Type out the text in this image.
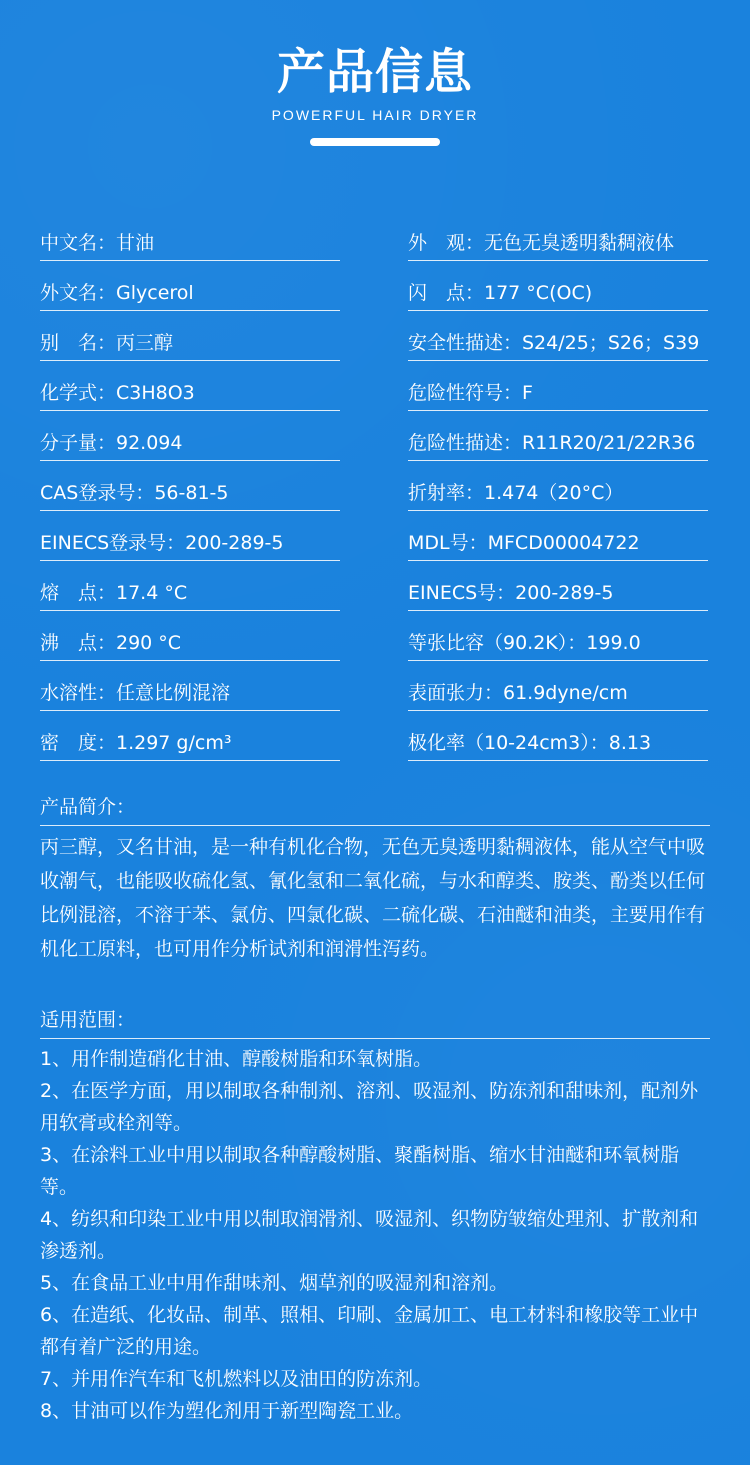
产品信息
POWERFUL HAIR DRYER
中文名：甘油
外文名：Glycerol
别　名：丙三醇
化学式：C3H8O3
分子量：92.094
CAS登录号：56-81-5
EINECS登录号：200-289-5
熔　点：17.4 °C
沸　点：290 °C
水溶性：任意比例混溶
密　度：1.297 g/cm³
外　观：无色无臭透明黏稠液体
闪　点：177 °C(OC)
安全性描述：S24/25；S26；S39
危险性符号：F
危险性描述：R11R20/21/22R36
折射率：1.474（20°C）
MDL号：MFCD00004722
EINECS号：200-289-5
等张比容（90.2K）：199.0
表面张力：61.9dyne/cm
极化率（10-24cm3）：8.13
产品简介：
丙三醇，又名甘油，是一种有机化合物，无色无臭透明黏稠液体，能从空气中吸收潮气，也能吸收硫化氢、氰化氢和二氧化硫，与水和醇类、胺类、酚类以任何比例混溶，不溶于苯、氯仿、四氯化碳、二硫化碳、石油醚和油类，主要用作有机化工原料，也可用作分析试剂和润滑性泻药。
适用范围：
1、用作制造硝化甘油、醇酸树脂和环氧树脂。
2、在医学方面，用以制取各种制剂、溶剂、吸湿剂、防冻剂和甜味剂，配剂外用软膏或栓剂等。
3、在涂料工业中用以制取各种醇酸树脂、聚酯树脂、缩水甘油醚和环氧树脂等。
4、纺织和印染工业中用以制取润滑剂、吸湿剂、织物防皱缩处理剂、扩散剂和渗透剂。
5、在食品工业中用作甜味剂、烟草剂的吸湿剂和溶剂。
6、在造纸、化妆品、制革、照相、印刷、金属加工、电工材料和橡胶等工业中都有着广泛的用途。
7、并用作汽车和飞机燃料以及油田的防冻剂。
8、甘油可以作为塑化剂用于新型陶瓷工业。
